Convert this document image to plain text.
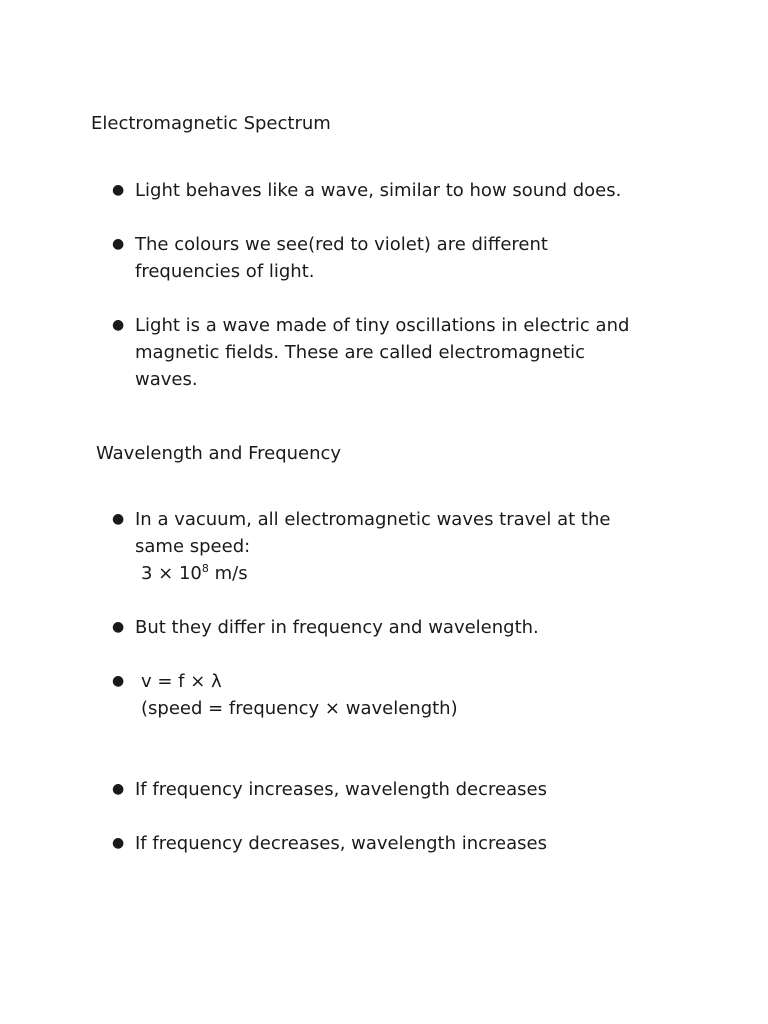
Electromagnetic Spectrum
● Light behaves like a wave, similar to how sound does.
● The colours we see(red to violet) are different
frequencies of light.
● Light is a wave made of tiny oscillations in electric and
magnetic fields. These are called electromagnetic
waves.
Wavelength and Frequency
● In a vacuum, all electromagnetic waves travel at the
same speed:
$3 \times 10^8$ m/s
● But they differ in frequency and wavelength.
● v = f × λ
(speed = frequency × wavelength)
● If frequency increases, wavelength decreases
● If frequency decreases, wavelength increases
